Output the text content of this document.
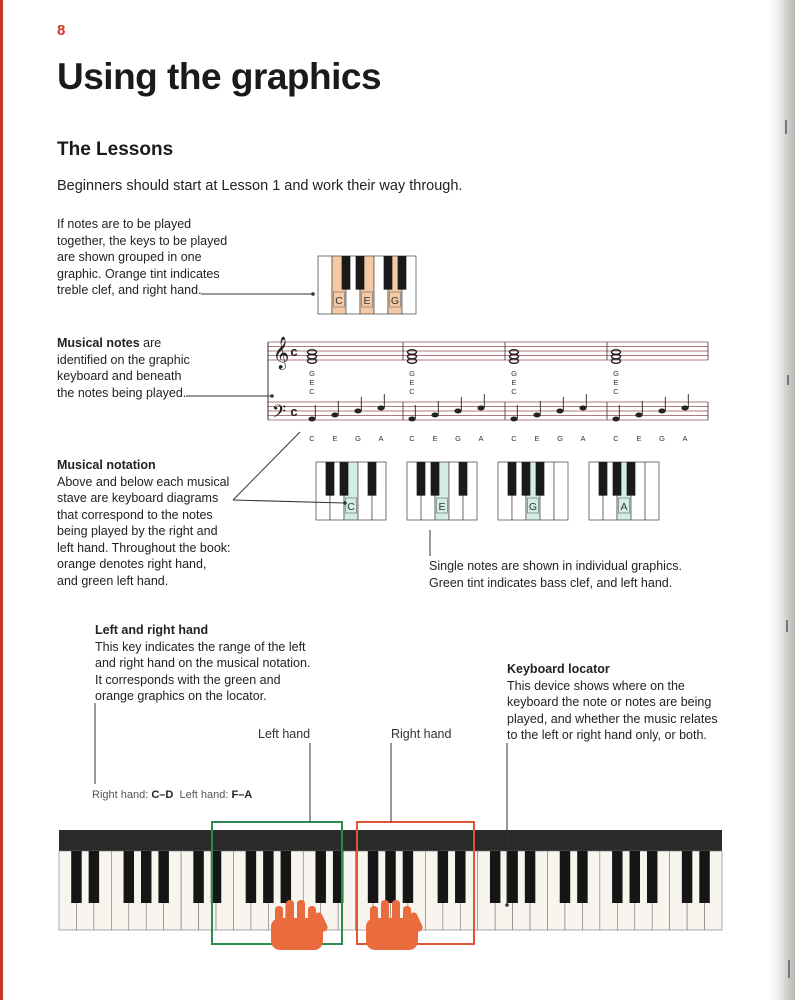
8
Using the graphics
The Lessons
Beginners should start at Lesson 1 and work their way through.
If notes are to be played
together, the keys to be played
are shown grouped in one
graphic. Orange tint indicates
treble clef, and right hand.
Musical notes are
identified on the graphic
keyboard and beneath
the notes being played.
Musical notation
Above and below each musical
stave are keyboard diagrams
that correspond to the notes
being played by the right and
left hand. Throughout the book:
orange denotes right hand,
and green left hand.
Single notes are shown in individual graphics.
Green tint indicates bass clef, and left hand.
Left and right hand
This key indicates the range of the left
and right hand on the musical notation.
It corresponds with the green and
orange graphics on the locator.
Keyboard locator
This device shows where on the
keyboard the note or notes are being
played, and whether the music relates
to the left or right hand only, or both.
Left hand	Right hand
Right hand: C–D Left hand: F–A
C E G
𝄞
𝄢
c
c
G
E
C
G
E
C
G
E
C
G
E
C
C E G A	C E G A	C E G A	C E G A
C	E	G	A
